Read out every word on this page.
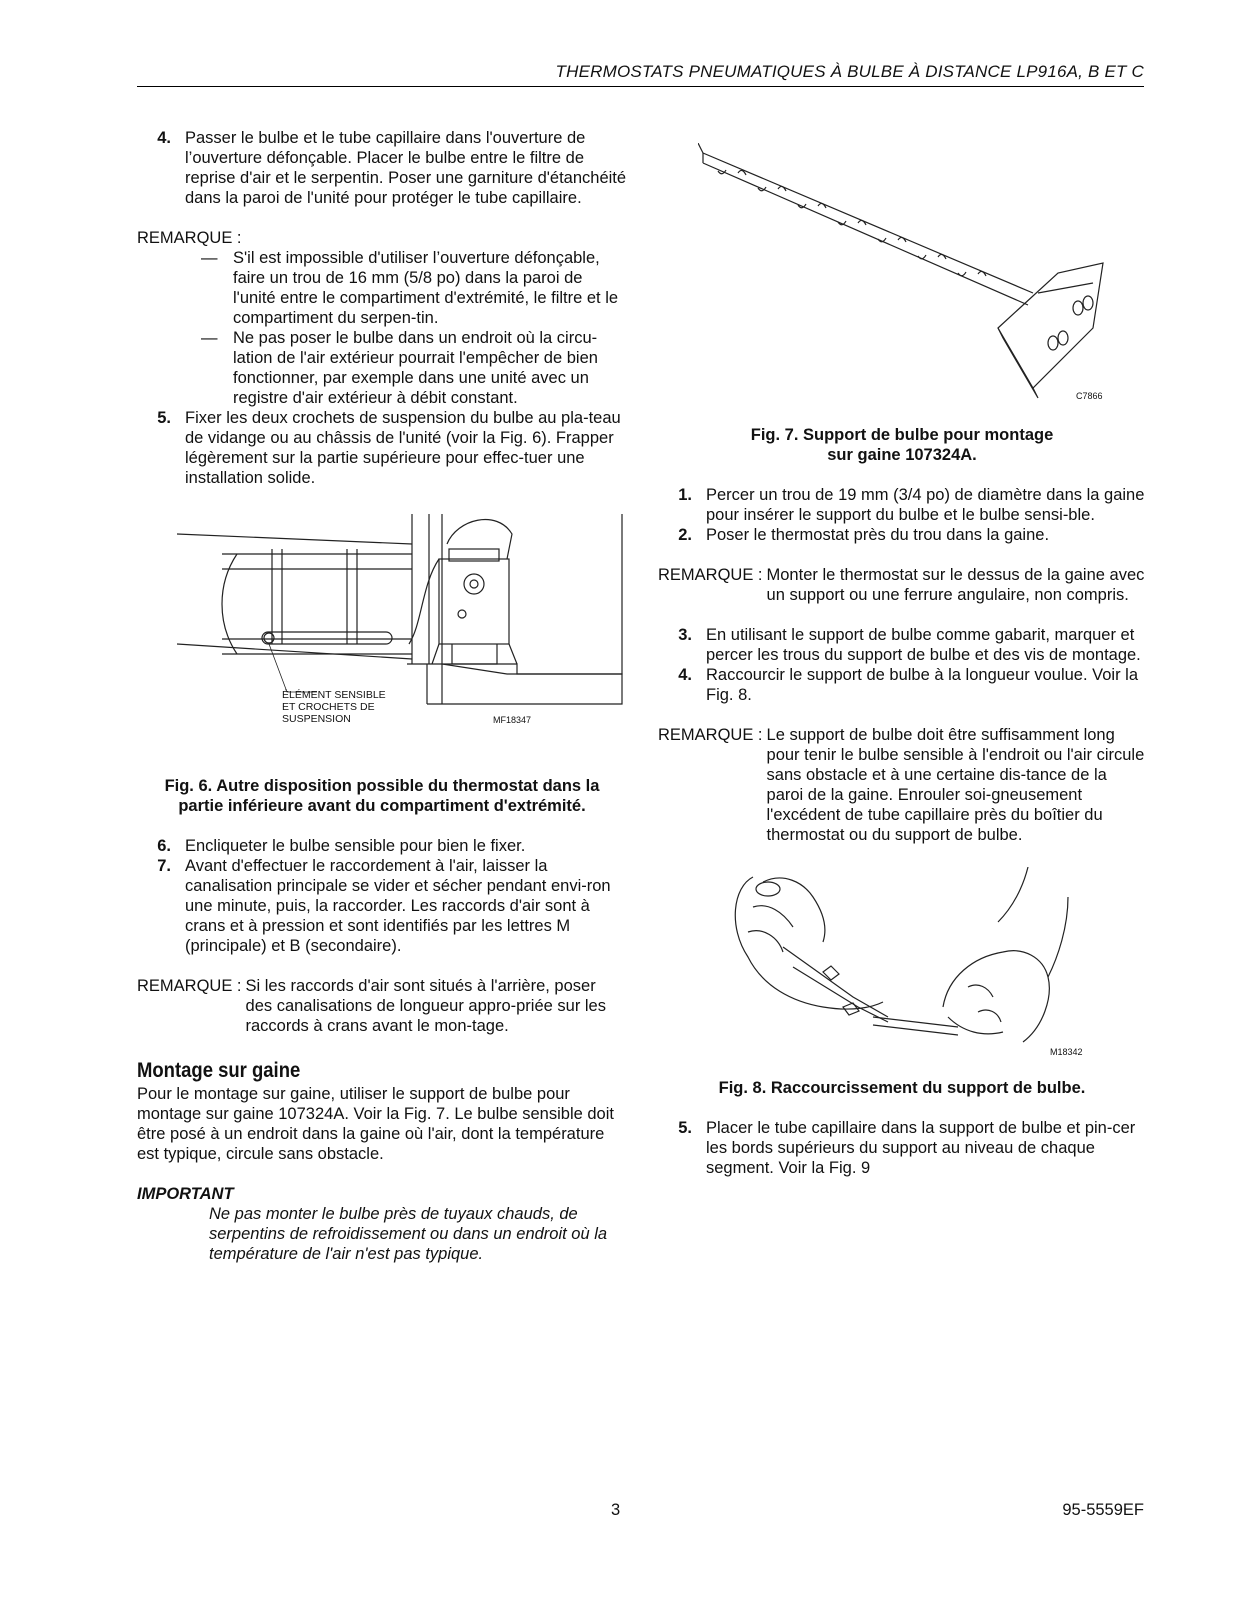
THERMOSTATS PNEUMATIQUES À BULBE À DISTANCE LP916A, B ET C
4. Passer le bulbe et le tube capillaire dans l'ouverture de l’ouverture défonçable. Placer le bulbe entre le filtre de reprise d'air et le serpentin. Poser une garniture d'étanchéité dans la paroi de l'unité pour protéger le tube capillaire.
REMARQUE :
— S'il est impossible d'utiliser l’ouverture défonçable, faire un trou de 16 mm (5/8 po) dans la paroi de l'unité entre le compartiment d'extrémité, le filtre et le compartiment du serpen-tin.
— Ne pas poser le bulbe dans un endroit où la circu-lation de l'air extérieur pourrait l'empêcher de bien fonctionner, par exemple dans une unité avec un registre d'air extérieur à débit constant.
5. Fixer les deux crochets de suspension du bulbe au pla-teau de vidange ou au châssis de l'unité (voir la Fig. 6). Frapper légèrement sur la partie supérieure pour effec-tuer une installation solide.
ÉLÉMENT SENSIBLE
ET CROCHETS DE
SUSPENSION	MF18347
Fig. 6. Autre disposition possible du thermostat dans la partie inférieure avant du compartiment d'extrémité.
6. Encliqueter le bulbe sensible pour bien le fixer.
7. Avant d'effectuer le raccordement à l'air, laisser la canalisation principale se vider et sécher pendant envi-ron une minute, puis, la raccorder. Les raccords d'air sont à crans et à pression et sont identifiés par les lettres M (principale) et B (secondaire).
REMARQUE : Si les raccords d'air sont situés à l'arrière, poser des canalisations de longueur appro-priée sur les raccords à crans avant le mon-tage.
Montage sur gaine
Pour le montage sur gaine, utiliser le support de bulbe pour montage sur gaine 107324A. Voir la Fig. 7. Le bulbe sensible doit être posé à un endroit dans la gaine où l'air, dont la température est typique, circule sans obstacle.
IMPORTANT
Ne pas monter le bulbe près de tuyaux chauds, de serpentins de refroidissement ou dans un endroit où la température de l'air n'est pas typique.
C7866
Fig. 7. Support de bulbe pour montage
sur gaine 107324A.
1. Percer un trou de 19 mm (3/4 po) de diamètre dans la gaine pour insérer le support du bulbe et le bulbe sensi-ble.
2. Poser le thermostat près du trou dans la gaine.
REMARQUE : Monter le thermostat sur le dessus de la gaine avec un support ou une ferrure angulaire, non compris.
3. En utilisant le support de bulbe comme gabarit, marquer et percer les trous du support de bulbe et des vis de montage.
4. Raccourcir le support de bulbe à la longueur voulue. Voir la Fig. 8.
REMARQUE : Le support de bulbe doit être suffisamment long pour tenir le bulbe sensible à l'endroit ou l'air circule sans obstacle et à une certaine dis-tance de la paroi de la gaine. Enrouler soi-gneusement l'excédent de tube capillaire près du boîtier du thermostat ou du support de bulbe.
M18342
Fig. 8. Raccourcissement du support de bulbe.
5. Placer le tube capillaire dans la support de bulbe et pin-cer les bords supérieurs du support au niveau de chaque segment. Voir la Fig. 9
3	95-5559EF
